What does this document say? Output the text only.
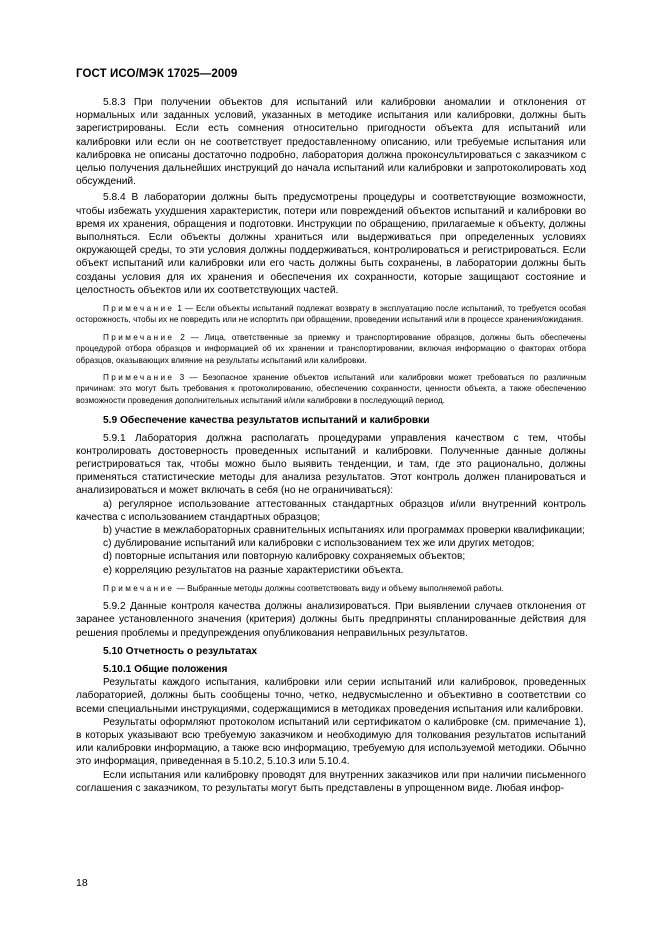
ГОСТ ИСО/МЭК 17025—2009

5.8.3 При получении объектов для испытаний или калибровки аномалии и отклонения от нормальных или заданных условий, указанных в методике испытания или калибровки, должны быть зарегистрированы. Если есть сомнения относительно пригодности объекта для испытаний или калибровки или если он не соответствует предоставленному описанию, или требуемые испытания или калибровка не описаны достаточно подробно, лаборатория должна проконсультироваться с заказчиком с целью получения дальнейших инструкций до начала испытаний или калибровки и запротоколировать ход обсуждений.

5.8.4 В лаборатории должны быть предусмотрены процедуры и соответствующие возможности, чтобы избежать ухудшения характеристик, потери или повреждений объектов испытаний и калибровки во время их хранения, обращения и подготовки. Инструкции по обращению, прилагаемые к объекту, должны выполняться. Если объекты должны храниться или выдерживаться при определенных условиях окружающей среды, то эти условия должны поддерживаться, контролироваться и регистрироваться. Если объект испытаний или калибровки или его часть должны быть сохранены, в лаборатории должны быть созданы условия для их хранения и обеспечения их сохранности, которые защищают состояние и целостность объектов или их соответствующих частей.

Примечание 1 — Если объекты испытаний подлежат возврату в эксплуатацию после испытаний, то требуется особая осторожность, чтобы их не повредить или не испортить при обращении, проведении испытаний или в процессе хранения/ожидания.

Примечание 2 — Лица, ответственные за приемку и транспортирование образцов, должны быть обеспечены процедурой отбора образцов и информацией об их хранении и транспортировании, включая информацию о факторах отбора образцов, оказывающих влияние на результаты испытаний или калибровки.

Примечание 3 — Безопасное хранение объектов испытаний или калибровки может требоваться по различным причинам: это могут быть требования к протоколированию, обеспечению сохранности, ценности объекта, а также обеспечению возможности проведения дополнительных испытаний и/или калибровки в последующий период.

5.9 Обеспечение качества результатов испытаний и калибровки

5.9.1 Лаборатория должна располагать процедурами управления качеством с тем, чтобы контролировать достоверность проведенных испытаний и калибровки. Полученные данные должны регистрироваться так, чтобы можно было выявить тенденции, и там, где это рационально, должны применяться статистические методы для анализа результатов. Этот контроль должен планироваться и анализироваться и может включать в себя (но не ограничиваться):

a) регулярное использование аттестованных стандартных образцов и/или внутренний контроль качества с использованием стандартных образцов;

b) участие в межлабораторных сравнительных испытаниях или программах проверки квалификации;

c) дублирование испытаний или калибровки с использованием тех же или других методов;

d) повторные испытания или повторную калибровку сохраняемых объектов;

e) корреляцию результатов на разные характеристики объекта.

Примечание — Выбранные методы должны соответствовать виду и объему выполняемой работы.

5.9.2 Данные контроля качества должны анализироваться. При выявлении случаев отклонения от заранее установленного значения (критерия) должны быть предприняты спланированные действия для решения проблемы и предупреждения опубликования неправильных результатов.

5.10 Отчетность о результатах

5.10.1 Общие положения

Результаты каждого испытания, калибровки или серии испытаний или калибровок, проведенных лабораторией, должны быть сообщены точно, четко, недвусмысленно и объективно в соответствии со всеми специальными инструкциями, содержащимися в методиках проведения испытания или калибровки.

Результаты оформляют протоколом испытаний или сертификатом о калибровке (см. примечание 1), в которых указывают всю требуемую заказчиком и необходимую для толкования результатов испытаний или калибровки информацию, а также всю информацию, требуемую для используемой методики. Обычно это информация, приведенная в 5.10.2, 5.10.3 или 5.10.4.

Если испытания или калибровку проводят для внутренних заказчиков или при наличии письменного соглашения с заказчиком, то результаты могут быть представлены в упрощенном виде. Любая инфор-

18
